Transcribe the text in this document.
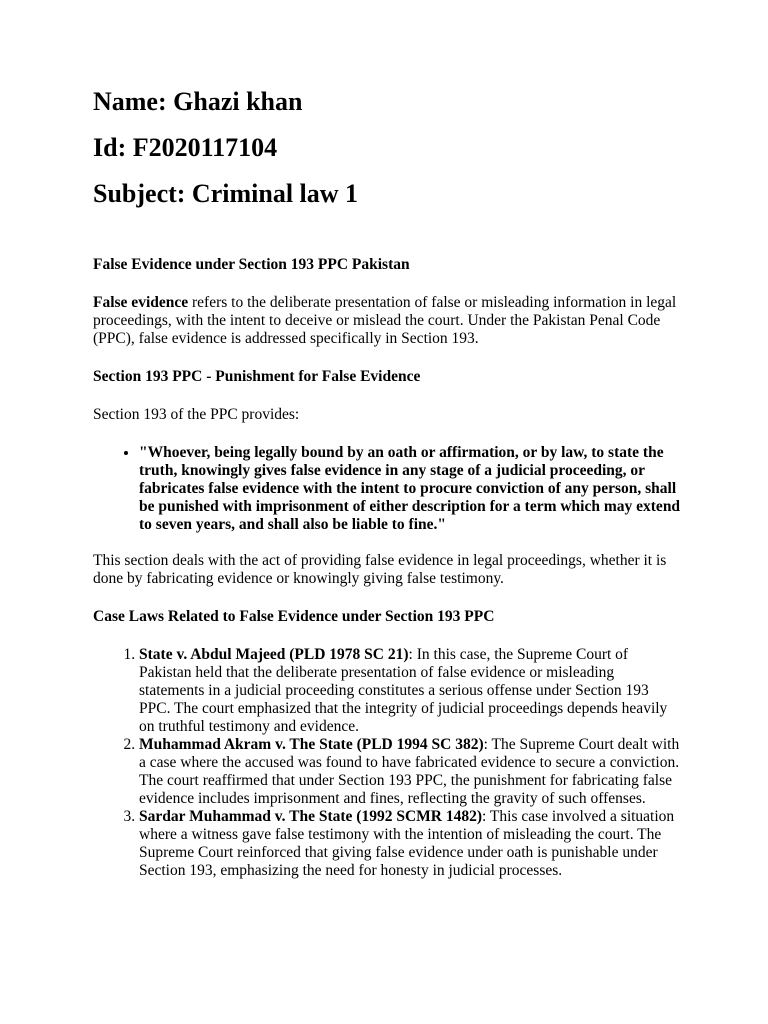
Name: Ghazi khan
Id: F2020117104
Subject: Criminal law 1
False Evidence under Section 193 PPC Pakistan

False evidence refers to the deliberate presentation of false or misleading information in legal proceedings, with the intent to deceive or mislead the court. Under the Pakistan Penal Code (PPC), false evidence is addressed specifically in Section 193.

Section 193 PPC - Punishment for False Evidence

Section 193 of the PPC provides:

• "Whoever, being legally bound by an oath or affirmation, or by law, to state the truth, knowingly gives false evidence in any stage of a judicial proceeding, or fabricates false evidence with the intent to procure conviction of any person, shall be punished with imprisonment of either description for a term which may extend to seven years, and shall also be liable to fine."

This section deals with the act of providing false evidence in legal proceedings, whether it is done by fabricating evidence or knowingly giving false testimony.

Case Laws Related to False Evidence under Section 193 PPC
1. State v. Abdul Majeed (PLD 1978 SC 21): In this case, the Supreme Court of Pakistan held that the deliberate presentation of false evidence or misleading statements in a judicial proceeding constitutes a serious offense under Section 193 PPC. The court emphasized that the integrity of judicial proceedings depends heavily on truthful testimony and evidence.
2. Muhammad Akram v. The State (PLD 1994 SC 382): The Supreme Court dealt with a case where the accused was found to have fabricated evidence to secure a conviction. The court reaffirmed that under Section 193 PPC, the punishment for fabricating false evidence includes imprisonment and fines, reflecting the gravity of such offenses.
3. Sardar Muhammad v. The State (1992 SCMR 1482): This case involved a situation where a witness gave false testimony with the intention of misleading the court. The Supreme Court reinforced that giving false evidence under oath is punishable under Section 193, emphasizing the need for honesty in judicial processes.
